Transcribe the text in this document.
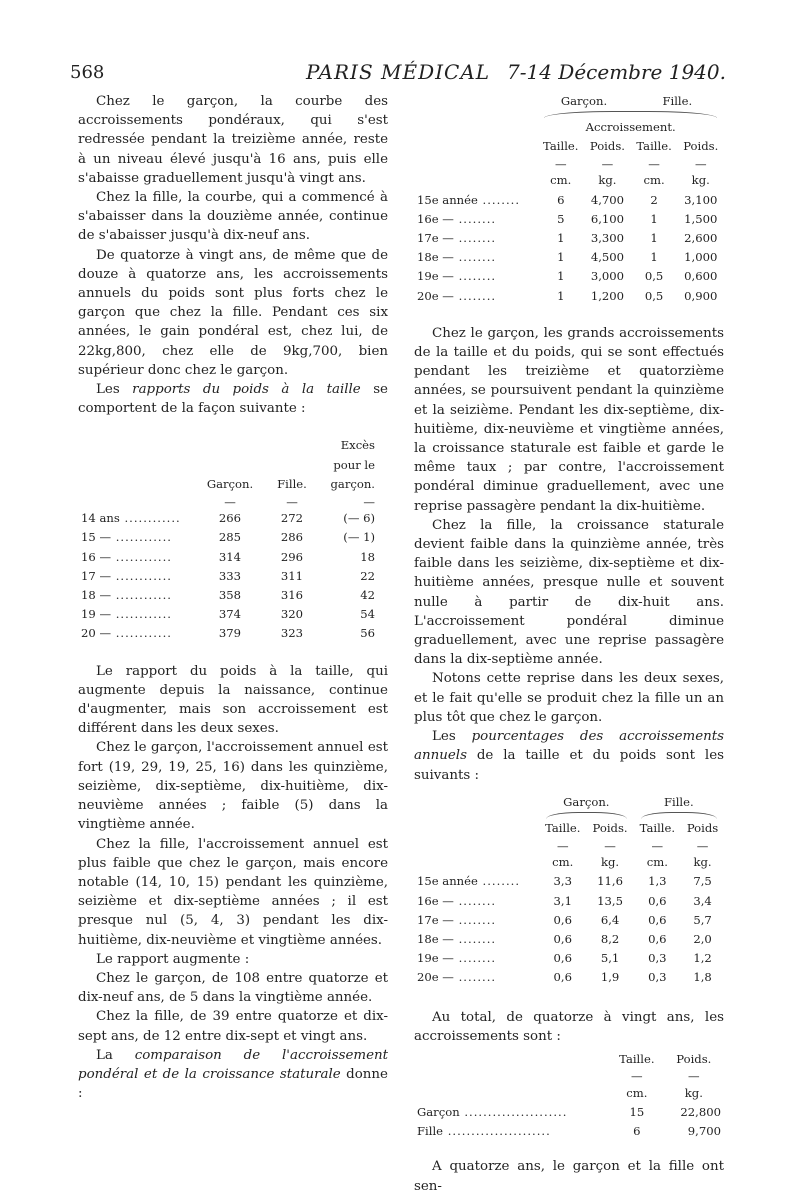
568	PARIS MÉDICAL 7-14 Décembre 1940.

Chez le garçon, la courbe des accroissements pondéraux, qui s'est redressée pendant la treizième année, reste à un niveau élevé jusqu'à 16 ans, puis elle s'abaisse graduellement jusqu'à vingt ans.

Chez la fille, la courbe, qui a commencé à s'abaisser dans la douzième année, continue de s'abaisser jusqu'à dix-neuf ans.

De quatorze à vingt ans, de même que de douze à quatorze ans, les accroissements annuels du poids sont plus forts chez le garçon que chez la fille. Pendant ces six années, le gain pondéral est, chez lui, de 22kg,800, chez elle de 9kg,700, bien supérieur donc chez le garçon.

Les rapports du poids à la taille se comportent de la façon suivante :

	Garçon.	Fille.	Excès pour le garçon.
	—	—	—
14 ans ............	266	272	(— 6)
15 — ............	285	286	(— 1)
16 — ............	314	296	18
17 — ............	333	311	22
18 — ............	358	316	42
19 — ............	374	320	54
20 — ............	379	323	56

Le rapport du poids à la taille, qui augmente depuis la naissance, continue d'augmenter, mais son accroissement est différent dans les deux sexes.

Chez le garçon, l'accroissement annuel est fort (19, 29, 19, 25, 16) dans les quinzième, seizième, dix-septième, dix-huitième, dix-neuvième années ; faible (5) dans la vingtième année.

Chez la fille, l'accroissement annuel est plus faible que chez le garçon, mais encore notable (14, 10, 15) pendant les quinzième, seizième et dix-septième années ; il est presque nul (5, 4, 3) pendant les dix-huitième, dix-neuvième et vingtième années.

Le rapport augmente :

Chez le garçon, de 108 entre quatorze et dix-neuf ans, de 5 dans la vingtième année.

Chez la fille, de 39 entre quatorze et dix-sept ans, de 12 entre dix-sept et vingt ans.

La comparaison de l'accroissement pondéral et de la croissance staturale donne :

	Garçon.		Fille.	

Accroissement.			
	Taille.	Poids.	Taille.	Poids.
	—	—	—	—
	cm.	kg.	cm.	kg.
15e année ........	6	4,700	2	3,100
16e — ........	5	6,100	1	1,500
17e — ........	1	3,300	1	2,600
18e — ........	1	4,500	1	1,000
19e — ........	1	3,000	0,5	0,600
20e — ........	1	1,200	0,5	0,900

Chez le garçon, les grands accroissements de la taille et du poids, qui se sont effectués pendant les treizième et quatorzième années, se poursuivent pendant la quinzième et la seizième. Pendant les dix-septième, dix-huitième, dix-neuvième et vingtième années, la croissance staturale est faible et garde le même taux ; par contre, l'accroissement pondéral diminue graduellement, avec une reprise passagère pendant la dix-huitième.

Chez la fille, la croissance staturale devient faible dans la quinzième année, très faible dans les seizième, dix-septième et dix-huitième années, presque nulle et souvent nulle à partir de dix-huit ans. L'accroissement pondéral diminue graduellement, avec une reprise passagère dans la dix-septième année.

Notons cette reprise dans les deux sexes, et le fait qu'elle se produit chez la fille un an plus tôt que chez le garçon.

Les pourcentages des accroissements annuels de la taille et du poids sont les suivants :

	Garçon.		Fille.	

	Taille.	Poids.	Taille.	Poids
	—	—	—	—
	cm.	kg.	cm.	kg.
15e année ........	3,3	11,6	1,3	7,5
16e — ........	3,1	13,5	0,6	3,4
17e — ........	0,6	6,4	0,6	5,7
18e — ........	0,6	8,2	0,6	2,0
19e — ........	0,6	5,1	0,3	1,2
20e — ........	0,6	1,9	0,3	1,8

Au total, de quatorze à vingt ans, les accroissements sont :

	Taille.	Poids.
	—	—
	cm.	kg.
Garçon ......................	15	22,800
Fille ......................	6	9,700

A quatorze ans, le garçon et la fille ont sen-
